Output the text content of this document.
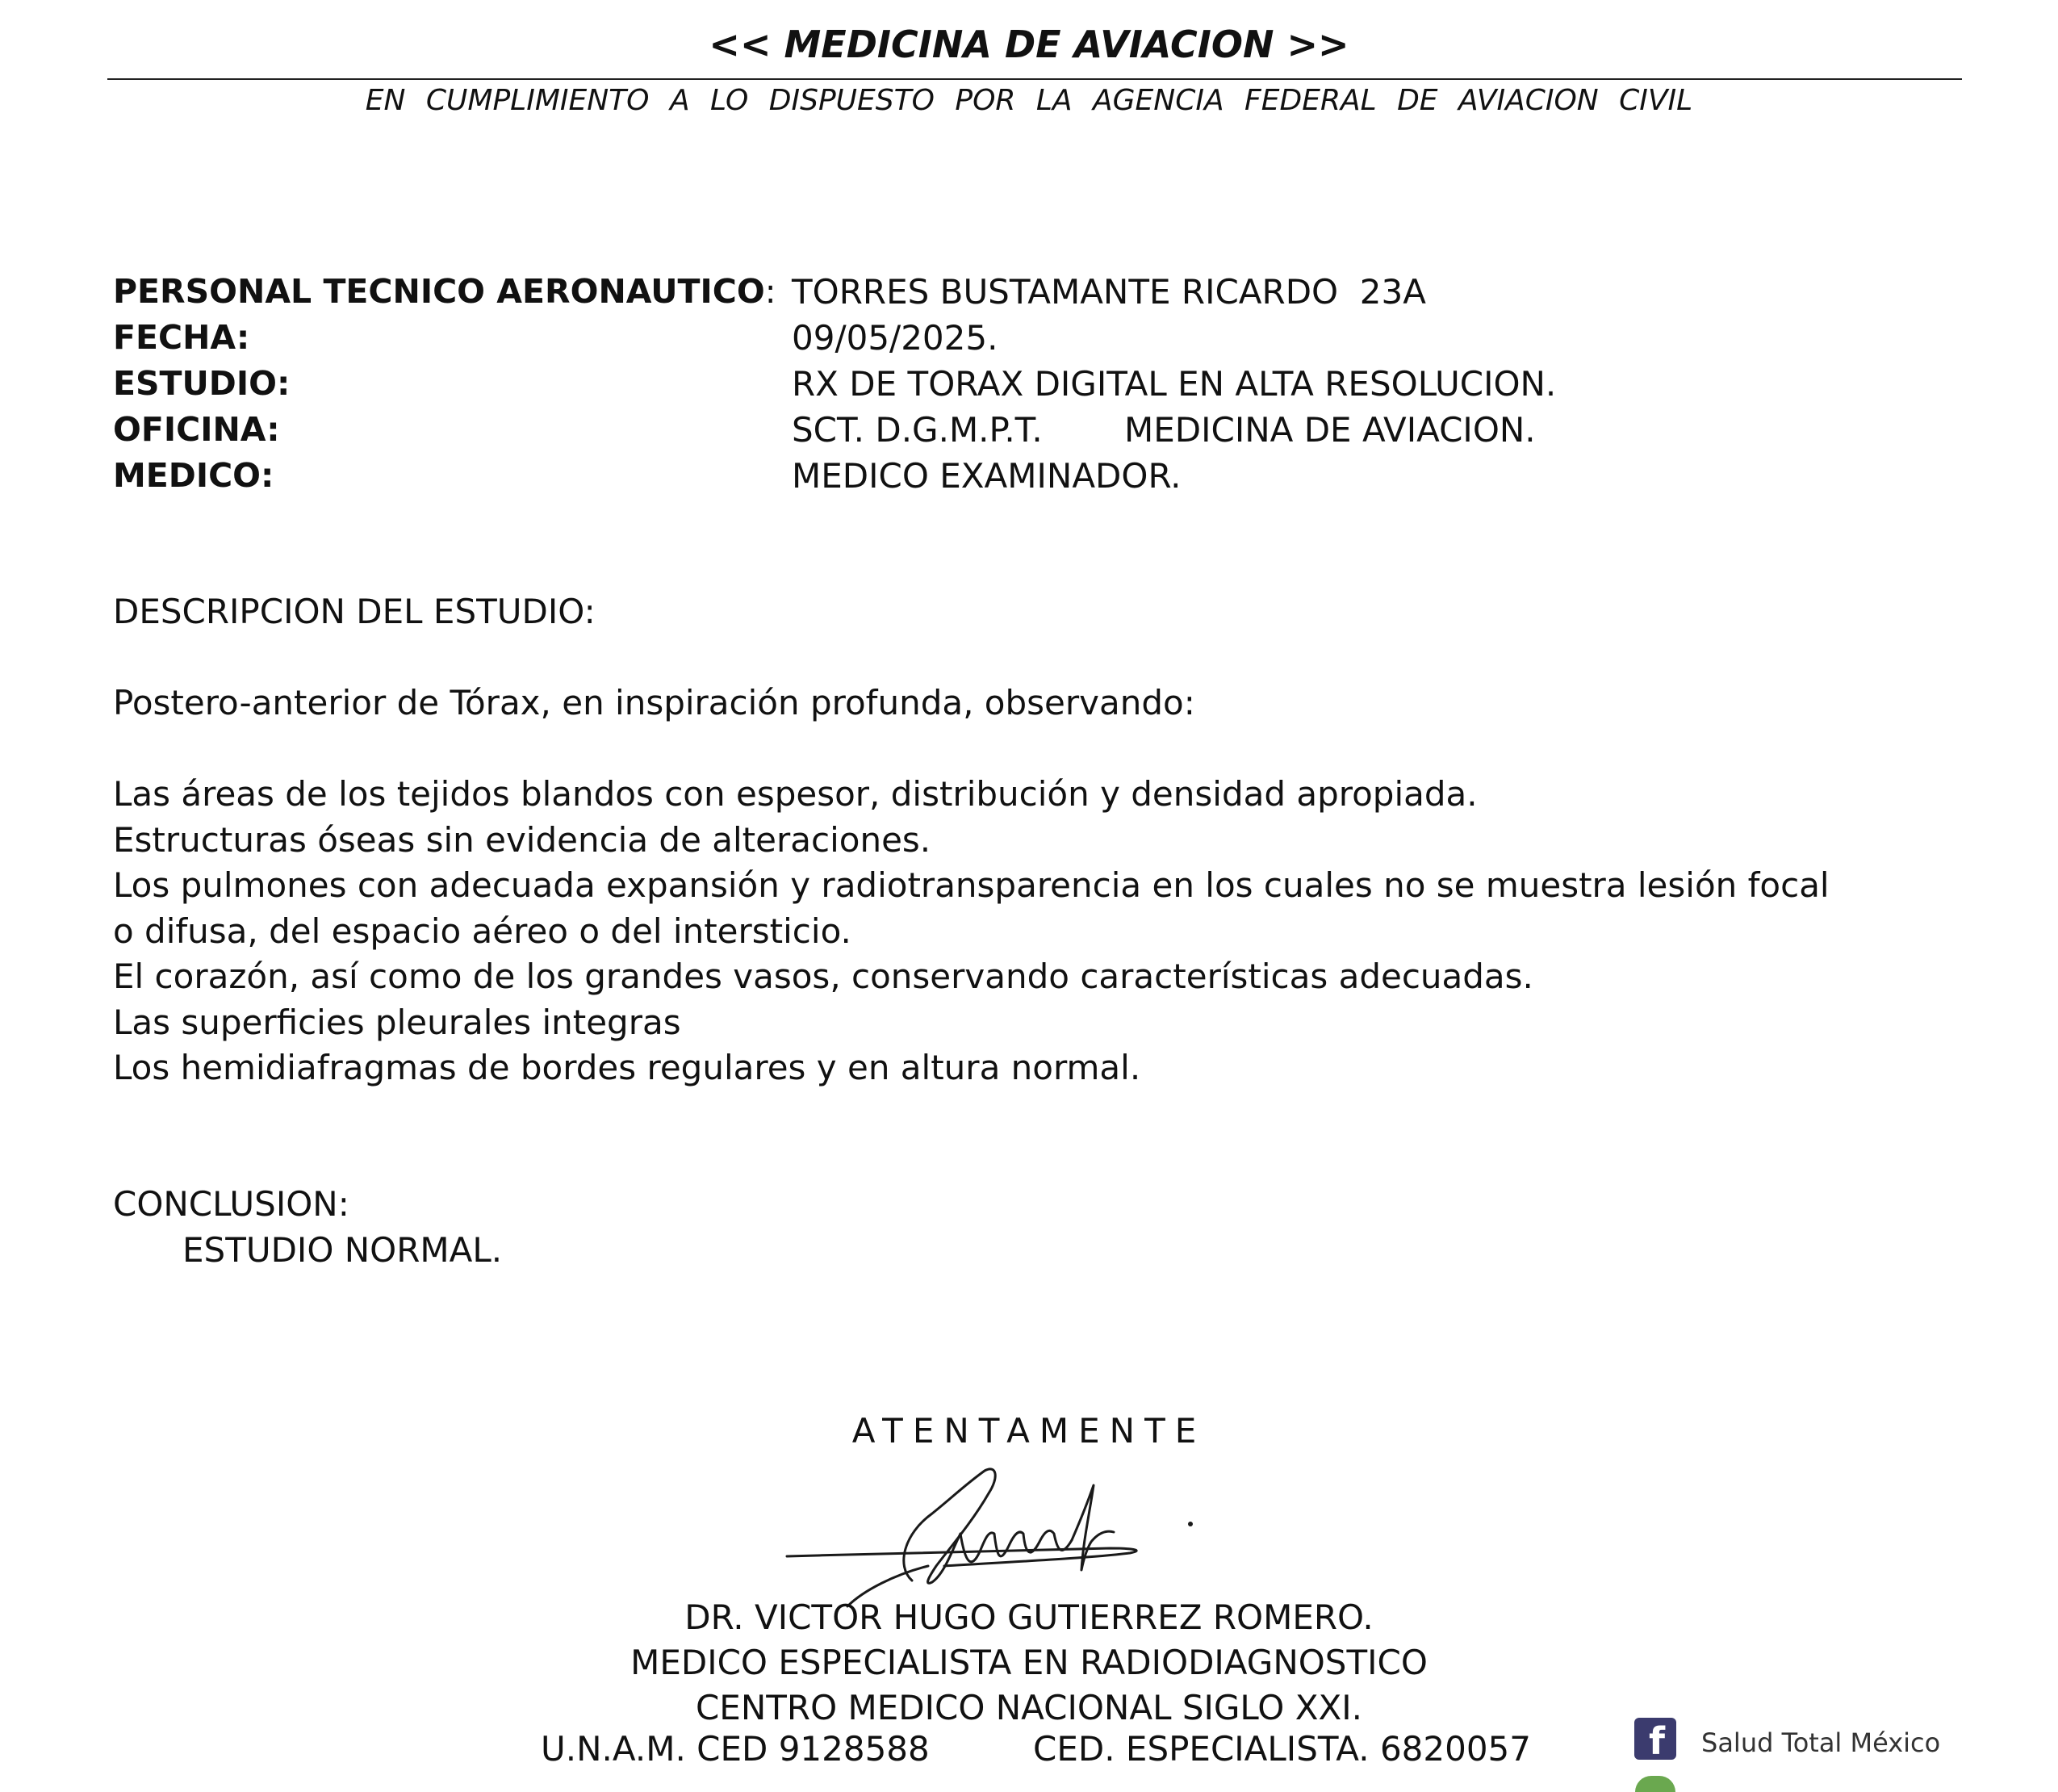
<< MEDICINA DE AVIACION >>
EN CUMPLIMIENTO A LO DISPUESTO POR LA AGENCIA FEDERAL DE AVIACION CIVIL
PERSONAL TECNICO AERONAUTICO: TORRES BUSTAMANTE RICARDO  23A
FECHA:	09/05/2025.
ESTUDIO:	RX DE TORAX DIGITAL EN ALTA RESOLUCION.
OFICINA:	SCT. D.G.M.P.T. MEDICINA DE AVIACION.
MEDICO:	MEDICO EXAMINADOR.
DESCRIPCION DEL ESTUDIO:
Postero-anterior de Tórax, en inspiración profunda, observando:
Las áreas de los tejidos blandos con espesor, distribución y densidad apropiada.
Estructuras óseas sin evidencia de alteraciones.
Los pulmones con adecuada expansión y radiotransparencia en los cuales no se muestra lesión focal
o difusa, del espacio aéreo o del intersticio.
El corazón, así como de los grandes vasos, conservando características adecuadas.
Las superficies pleurales integras
Los hemidiafragmas de bordes regulares y en altura normal.
CONCLUSION:
ESTUDIO NORMAL.
ATENTAMENTE
DR. VICTOR HUGO GUTIERREZ ROMERO.
MEDICO ESPECIALISTA EN RADIODIAGNOSTICO
CENTRO MEDICO NACIONAL SIGLO XXI.
U.N.A.M. CED 9128588	CED. ESPECIALISTA. 6820057	f Salud Total México
